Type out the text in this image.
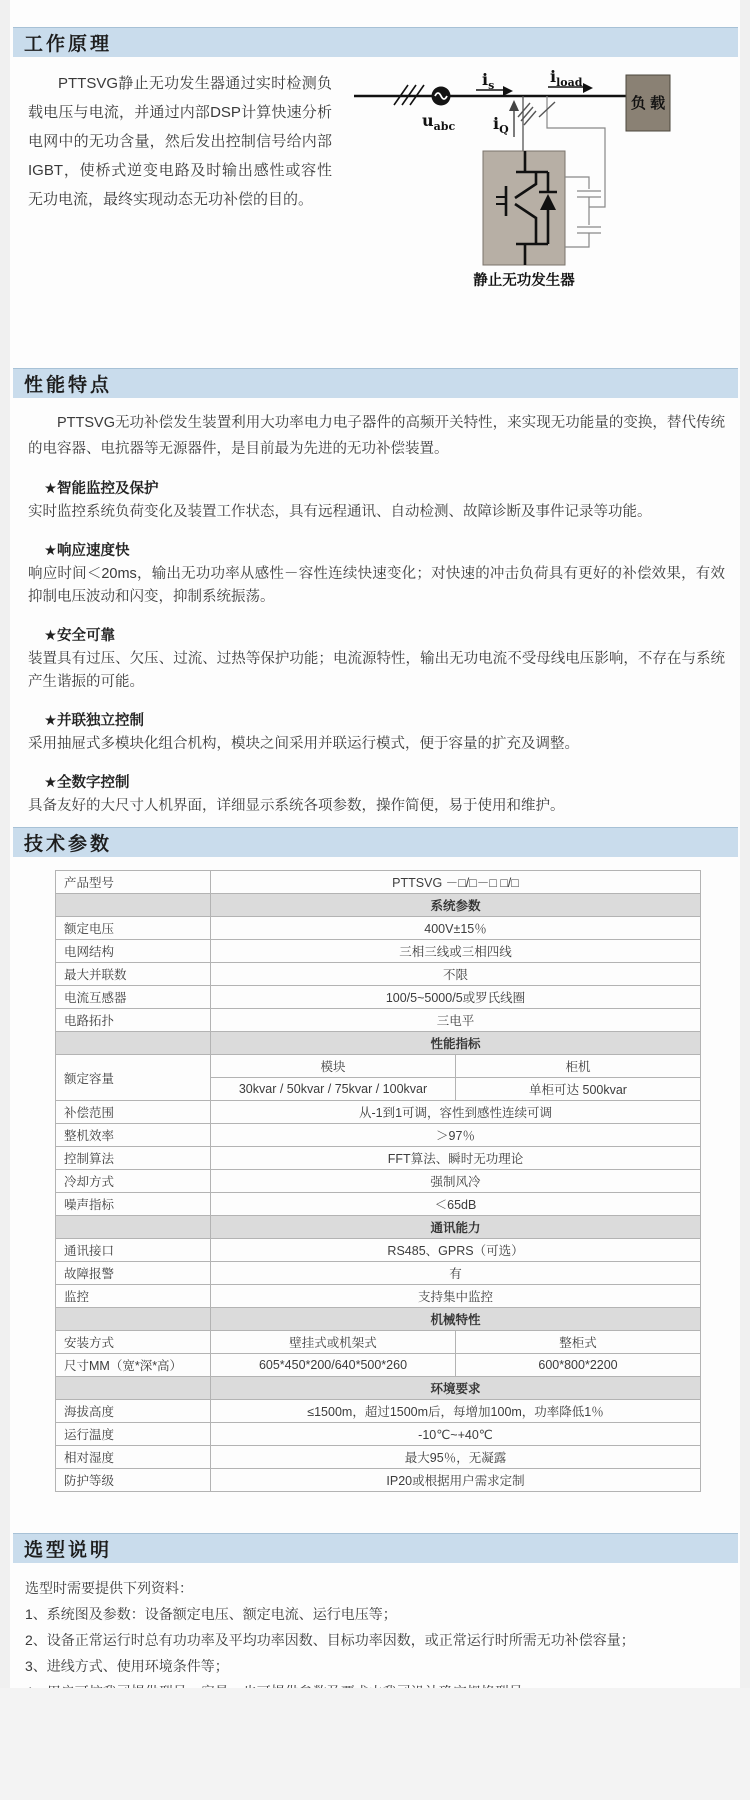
工作原理

PTTSVG静止无功发生器通过实时检测负载电压与电流，并通过内部DSP计算快速分析电网中的无功含量，然后发出控制信号给内部IGBT，使桥式逆变电路及时输出感性或容性无功电流，最终实现动态无功补偿的目的。

$u_{abc}$
$i_s$	$i_{load}$
负 载
$i_Q$
静止无功发生器
性能特点

PTTSVG无功补偿发生装置利用大功率电力电子器件的高频开关特性，来实现无功能量的变换，替代传统的电容器、电抗器等无源器件，是目前最为先进的无功补偿装置。

★智能监控及保护

实时监控系统负荷变化及装置工作状态，具有远程通讯、自动检测、故障诊断及事件记录等功能。

★响应速度快

响应时间＜20ms，输出无功功率从感性－容性连续快速变化；对快速的冲击负荷具有更好的补偿效果，有效抑制电压波动和闪变，抑制系统振荡。

★安全可靠

装置具有过压、欠压、过流、过热等保护功能；电流源特性，输出无功电流不受母线电压影响，不存在与系统产生谐振的可能。

★并联独立控制

采用抽屉式多模块化组合机构，模块之间采用并联运行模式，便于容量的扩充及调整。

★全数字控制

具备友好的大尺寸人机界面，详细显示系统各项参数，操作简便，易于使用和维护。

技术参数
产品型号	PTTSVG －□/□－□ □/□	
	系统参数	
额定电压	400V±15％	
电网结构	三相三线或三相四线	
最大并联数	不限	
电流互感器	100/5~5000/5或罗氏线圈	
电路拓扑	三电平	
	性能指标	
额定容量	模块	柜机
	30kvar / 50kvar / 75kvar / 100kvar	单柜可达 500kvar
补偿范围	从-1到1可调，容性到感性连续可调	
整机效率	＞97％	
控制算法	FFT算法、瞬时无功理论	
冷却方式	强制风冷	
噪声指标	＜65dB	
	通讯能力	
通讯接口	RS485、GPRS（可选）	
故障报警	有	
监控	支持集中监控	
	机械特性	
安装方式	壁挂式或机架式	整柜式
尺寸MM（宽*深*高）	605*450*200/640*500*260	600*800*2200
	环境要求	
海拔高度	≤1500m，超过1500m后，每增加100m，功率降低1％	
运行温度	-10℃~+40℃	
相对湿度	最大95％，无凝露	
防护等级	IP20或根据用户需求定制	
选型说明

选型时需要提供下列资料：

1、系统图及参数：设备额定电压、额定电流、运行电压等；
2、设备正常运行时总有功功率及平均功率因数、目标功率因数，或正常运行时所需无功补偿容量；
3、进线方式、使用环境条件等；
